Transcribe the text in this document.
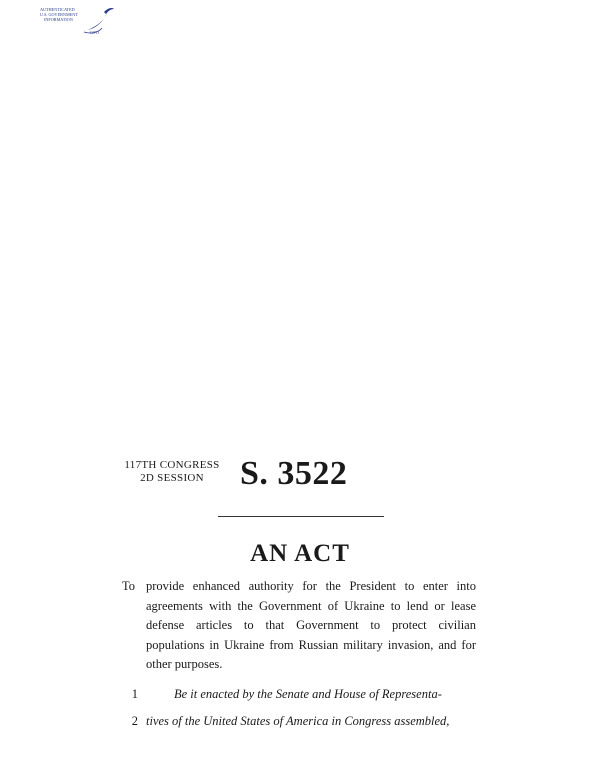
AUTHENTICATED
U.S. GOVERNMENT
INFORMATION
GPO
117TH CONGRESS
2D SESSION	S. 3522
AN ACT
To provide enhanced authority for the President to enter into agreements with the Government of Ukraine to lend or lease defense articles to that Government to protect civilian populations in Ukraine from Russian military invasion, and for other purposes.
1	Be it enacted by the Senate and House of Representa-
2 tives of the United States of America in Congress assembled,
